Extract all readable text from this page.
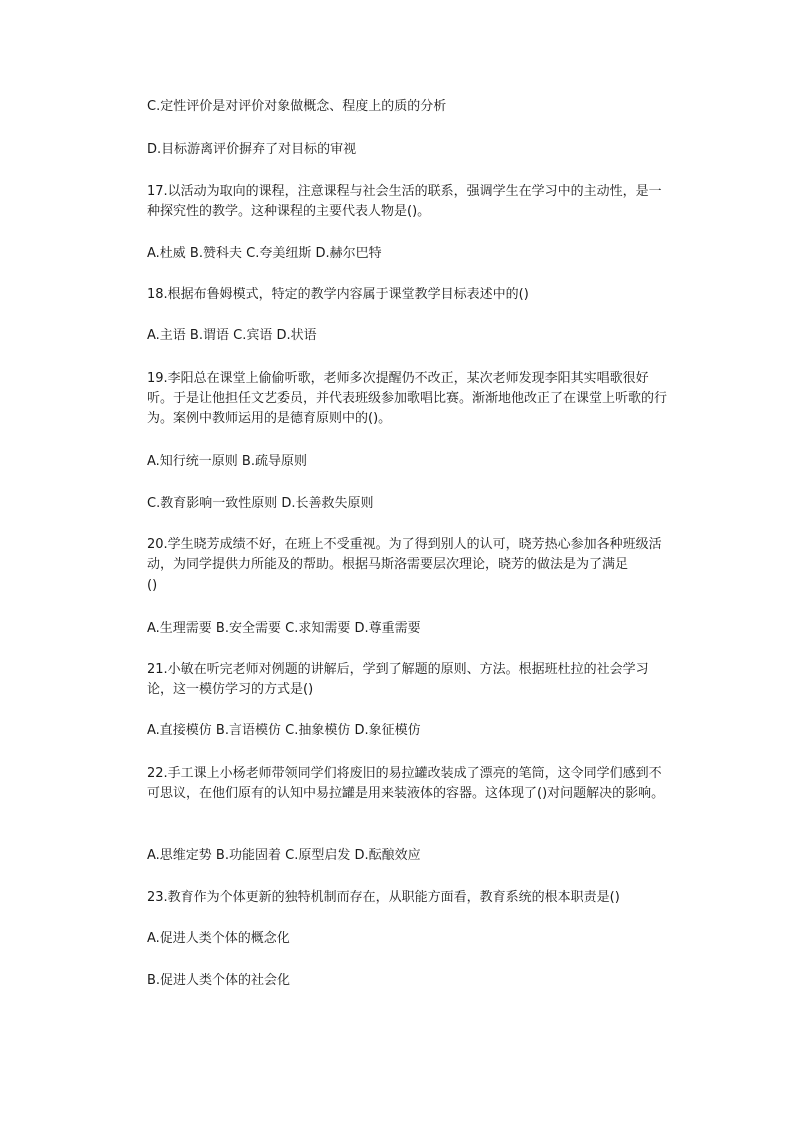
C.定性评价是对评价对象做概念、程度上的质的分析

D.目标游离评价摒弃了对目标的审视

17.以活动为取向的课程，注意课程与社会生活的联系，强调学生在学习中的主动性，是一种探究性的教学。这种课程的主要代表人物是()。

A.杜威 B.赞科夫 C.夸美纽斯 D.赫尔巴特

18.根据布鲁姆模式，特定的教学内容属于课堂教学目标表述中的()

A.主语 B.谓语 C.宾语 D.状语

19.李阳总在课堂上偷偷听歌，老师多次提醒仍不改正，某次老师发现李阳其实唱歌很好听。于是让他担任文艺委员，并代表班级参加歌唱比赛。渐渐地他改正了在课堂上听歌的行为。案例中教师运用的是德育原则中的()。

A.知行统一原则 B.疏导原则

C.教育影响一致性原则 D.长善救失原则

20.学生晓芳成绩不好，在班上不受重视。为了得到别人的认可，晓芳热心参加各种班级活动，为同学提供力所能及的帮助。根据马斯洛需要层次理论，晓芳的做法是为了满足

()

A.生理需要 B.安全需要 C.求知需要 D.尊重需要

21.小敏在听完老师对例题的讲解后，学到了解题的原则、方法。根据班杜拉的社会学习论，这一模仿学习的方式是()

A.直接模仿 B.言语模仿 C.抽象模仿 D.象征模仿

22.手工课上小杨老师带领同学们将废旧的易拉罐改装成了漂亮的笔筒，这令同学们感到不可思议，在他们原有的认知中易拉罐是用来装液体的容器。这体现了()对问题解决的影响。

A.思维定势 B.功能固着 C.原型启发 D.酝酿效应

23.教育作为个体更新的独特机制而存在，从职能方面看，教育系统的根本职责是()

A.促进人类个体的概念化

B.促进人类个体的社会化
